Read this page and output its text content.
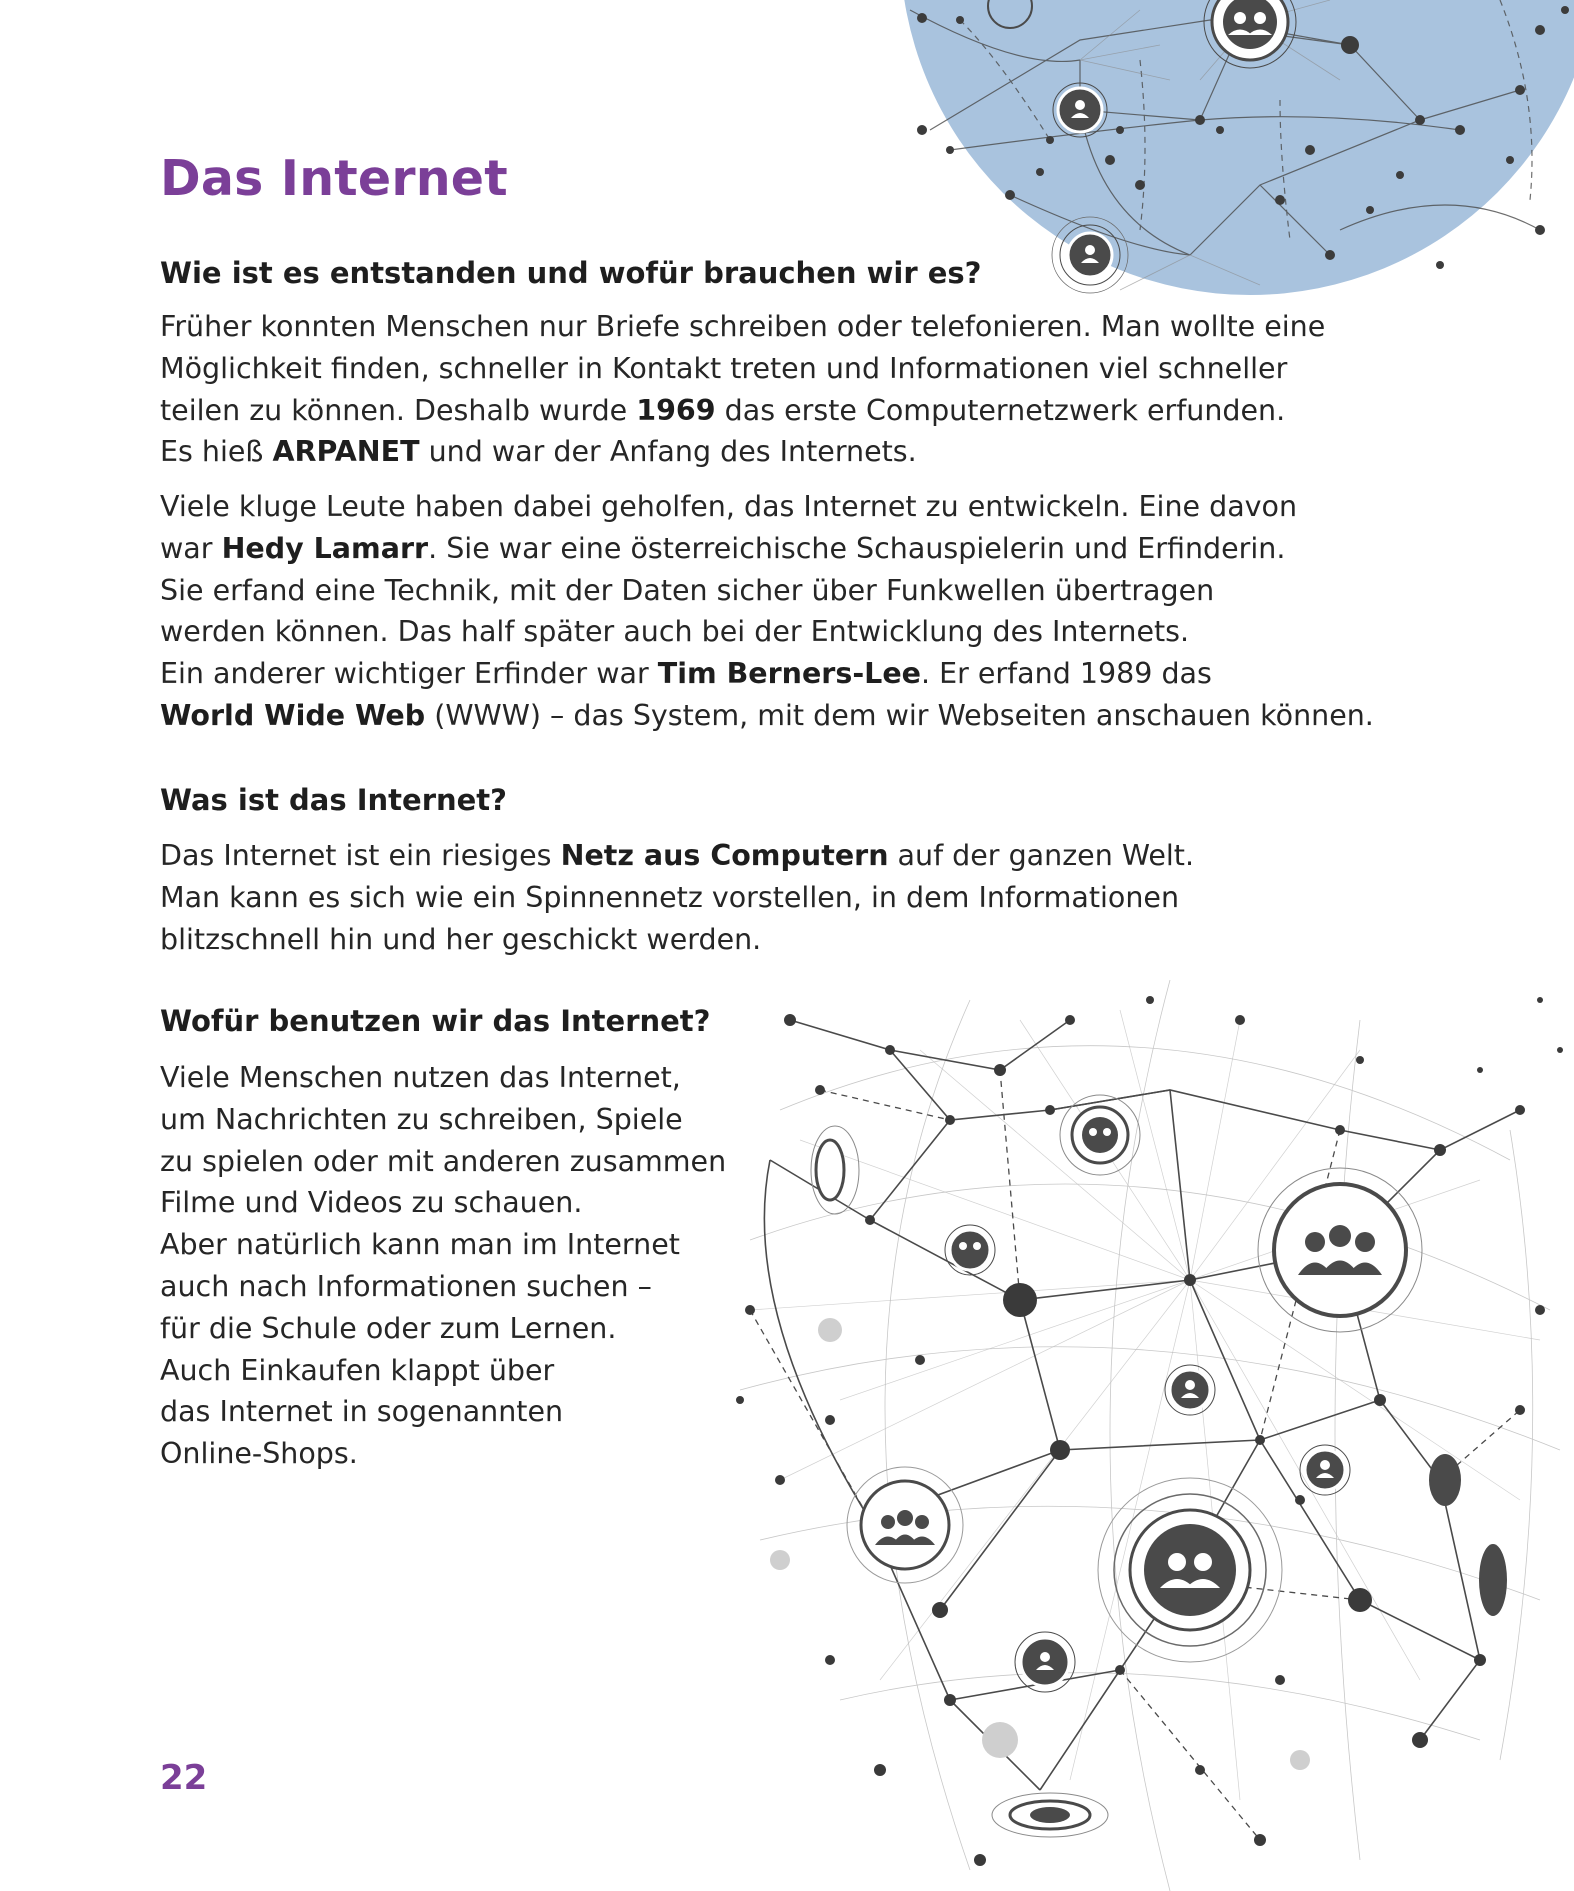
Das Internet
Wie ist es entstanden und wofür brauchen wir es?

Früher konnten Menschen nur Briefe schreiben oder telefonieren. Man wollte eine
Möglichkeit finden, schneller in Kontakt treten und Informationen viel schneller
teilen zu können. Deshalb wurde 1969 das erste Computernetzwerk erfunden.
Es hieß ARPANET und war der Anfang des Internets.

Viele kluge Leute haben dabei geholfen, das Internet zu entwickeln. Eine davon
war Hedy Lamarr. Sie war eine österreichische Schauspielerin und Erfinderin.
Sie erfand eine Technik, mit der Daten sicher über Funkwellen übertragen
werden können. Das half später auch bei der Entwicklung des Internets.
Ein anderer wichtiger Erfinder war Tim Berners-Lee. Er erfand 1989 das
World Wide Web (WWW) – das System, mit dem wir Webseiten anschauen können.

Was ist das Internet?

Das Internet ist ein riesiges Netz aus Computern auf der ganzen Welt.
Man kann es sich wie ein Spinnennetz vorstellen, in dem Informationen
blitzschnell hin und her geschickt werden.

Wofür benutzen wir das Internet?

Viele Menschen nutzen das Internet,
um Nachrichten zu schreiben, Spiele
zu spielen oder mit anderen zusammen
Filme und Videos zu schauen.
Aber natürlich kann man im Internet
auch nach Informationen suchen –
für die Schule oder zum Lernen.
Auch Einkaufen klappt über
das Internet in sogenannten
Online-Shops.

22
